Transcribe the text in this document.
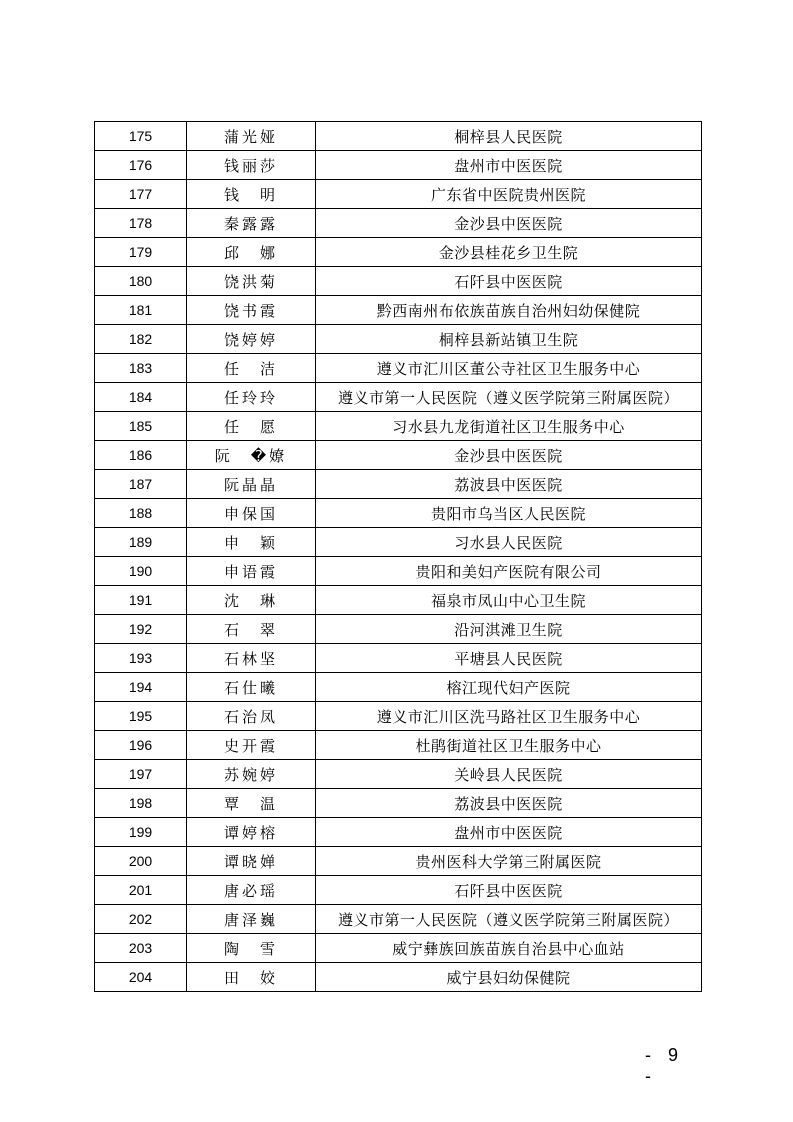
175	蒲光娅	桐梓县人民医院
176	钱丽莎	盘州市中医医院
177	钱　明	广东省中医院贵州医院
178	秦露露	金沙县中医医院
179	邱　娜	金沙县桂花乡卫生院
180	饶洪菊	石阡县中医医院
181	饶书霞	黔西南州布依族苗族自治州妇幼保健院
182	饶婷婷	桐梓县新站镇卫生院
183	任　洁	遵义市汇川区董公寺社区卫生服务中心
184	任玲玲	遵义市第一人民医院（遵义医学院第三附属医院）
185	任　愿	习水县九龙街道社区卫生服务中心
186	阮　�嫽	金沙县中医医院
187	阮晶晶	荔波县中医医院
188	申保国	贵阳市乌当区人民医院
189	申　颖	习水县人民医院
190	申语霞	贵阳和美妇产医院有限公司
191	沈　琳	福泉市凤山中心卫生院
192	石　翠	沿河淇滩卫生院
193	石林坚	平塘县人民医院
194	石仕曦	榕江现代妇产医院
195	石治凤	遵义市汇川区洗马路社区卫生服务中心
196	史开霞	杜鹃街道社区卫生服务中心
197	苏婉婷	关岭县人民医院
198	覃　温	荔波县中医医院
199	谭婷榕	盘州市中医医院
200	谭晓婵	贵州医科大学第三附属医院
201	唐必瑶	石阡县中医医院
202	唐泽巍	遵义市第一人民医院（遵义医学院第三附属医院）
203	陶　雪	威宁彝族回族苗族自治县中心血站
204	田　姣	威宁县妇幼保健院
- 9 -
